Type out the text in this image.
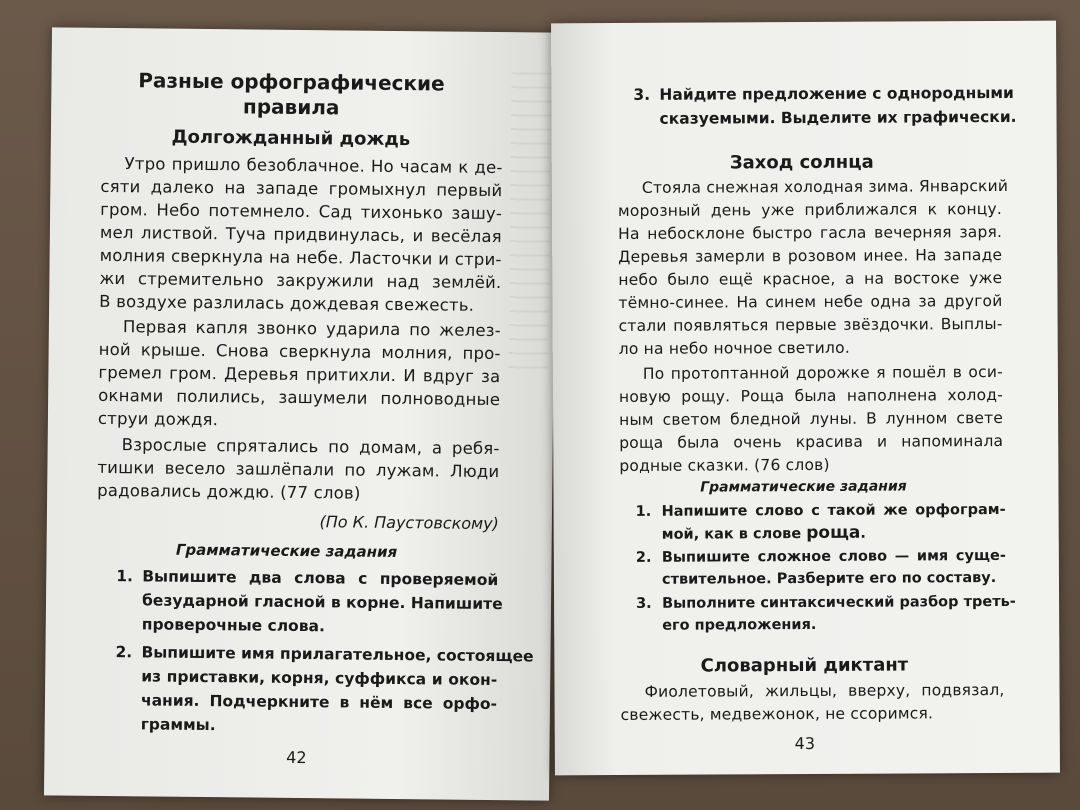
Разные орфографические
правила
Долгожданный дождь
Утро пришло безоблачное. Но часам к де-
сяти далеко на западе громыхнул первый
гром. Небо потемнело. Сад тихонько зашу-
мел листвой. Туча придвинулась, и весёлая
молния сверкнула на небе. Ласточки и стри-
жи стремительно закружили над землёй.
В воздухе разлилась дождевая свежесть.
Первая капля звонко ударила по желез-
ной крыше. Снова сверкнула молния, про-
гремел гром. Деревья притихли. И вдруг за
окнами полились, зашумели полноводные
струи дождя.
Взрослые спрятались по домам, а ребя-
тишки весело зашлёпали по лужам. Люди
радовались дождю. (77 слов)
(По К. Паустовскому)
Грамматические задания
1. Выпишите два слова с проверяемой
безударной гласной в корне. Напишите
проверочные слова.
2. Выпишите имя прилагательное, состоящее
из приставки, корня, суффикса и окон-
чания. Подчеркните в нём все орфо-
граммы.
42
3. Найдите предложение с однородными
сказуемыми. Выделите их графически.
Заход солнца
Стояла снежная холодная зима. Январский
морозный день уже приближался к концу.
На небосклоне быстро гасла вечерняя заря.
Деревья замерли в розовом инее. На западе
небо было ещё красное, а на востоке уже
тёмно-синее. На синем небе одна за другой
стали появляться первые звёздочки. Выплы-
ло на небо ночное светило.
По протоптанной дорожке я пошёл в оси-
новую рощу. Роща была наполнена холод-
ным светом бледной луны. В лунном свете
роща была очень красива и напоминала
родные сказки. (76 слов)
Грамматические задания
1. Напишите слово с такой же орфограм-
мой, как в слове роща.
2. Выпишите сложное слово — имя суще-
ствительное. Разберите его по составу.
3. Выполните синтаксический разбор треть-
его предложения.
Словарный диктант
Фиолетовый, жильцы, вверху, подвязал,
свежесть, медвежонок, не ссоримся.
43
